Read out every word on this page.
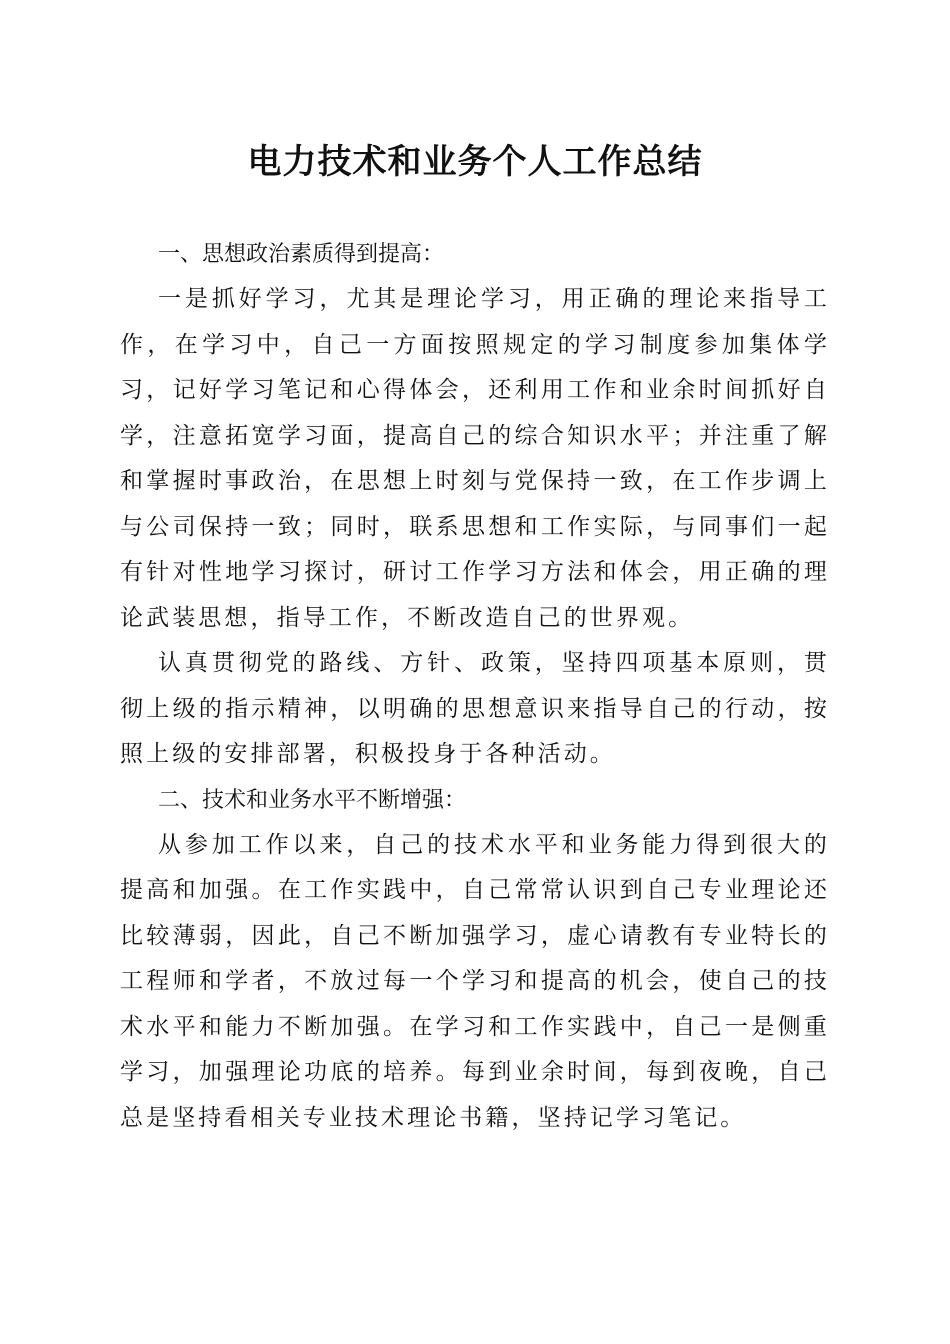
电力技术和业务个人工作总结

一、思想政治素质得到提高：

一是抓好学习，尤其是理论学习，用正确的理论来指导工作，在学习中，自己一方面按照规定的学习制度参加集体学习，记好学习笔记和心得体会，还利用工作和业余时间抓好自学，注意拓宽学习面，提高自己的综合知识水平；并注重了解和掌握时事政治，在思想上时刻与党保持一致，在工作步调上与公司保持一致；同时，联系思想和工作实际，与同事们一起有针对性地学习探讨，研讨工作学习方法和体会，用正确的理论武装思想，指导工作，不断改造自己的世界观。

认真贯彻党的路线、方针、政策，坚持四项基本原则，贯彻上级的指示精神，以明确的思想意识来指导自己的行动，按照上级的安排部署，积极投身于各种活动。

二、技术和业务水平不断增强：

从参加工作以来，自己的技术水平和业务能力得到很大的提高和加强。在工作实践中，自己常常认识到自己专业理论还比较薄弱，因此，自己不断加强学习，虚心请教有专业特长的工程师和学者，不放过每一个学习和提高的机会，使自己的技术水平和能力不断加强。在学习和工作实践中，自己一是侧重学习，加强理论功底的培养。每到业余时间，每到夜晚，自己总是坚持看相关专业技术理论书籍，坚持记学习笔记。
